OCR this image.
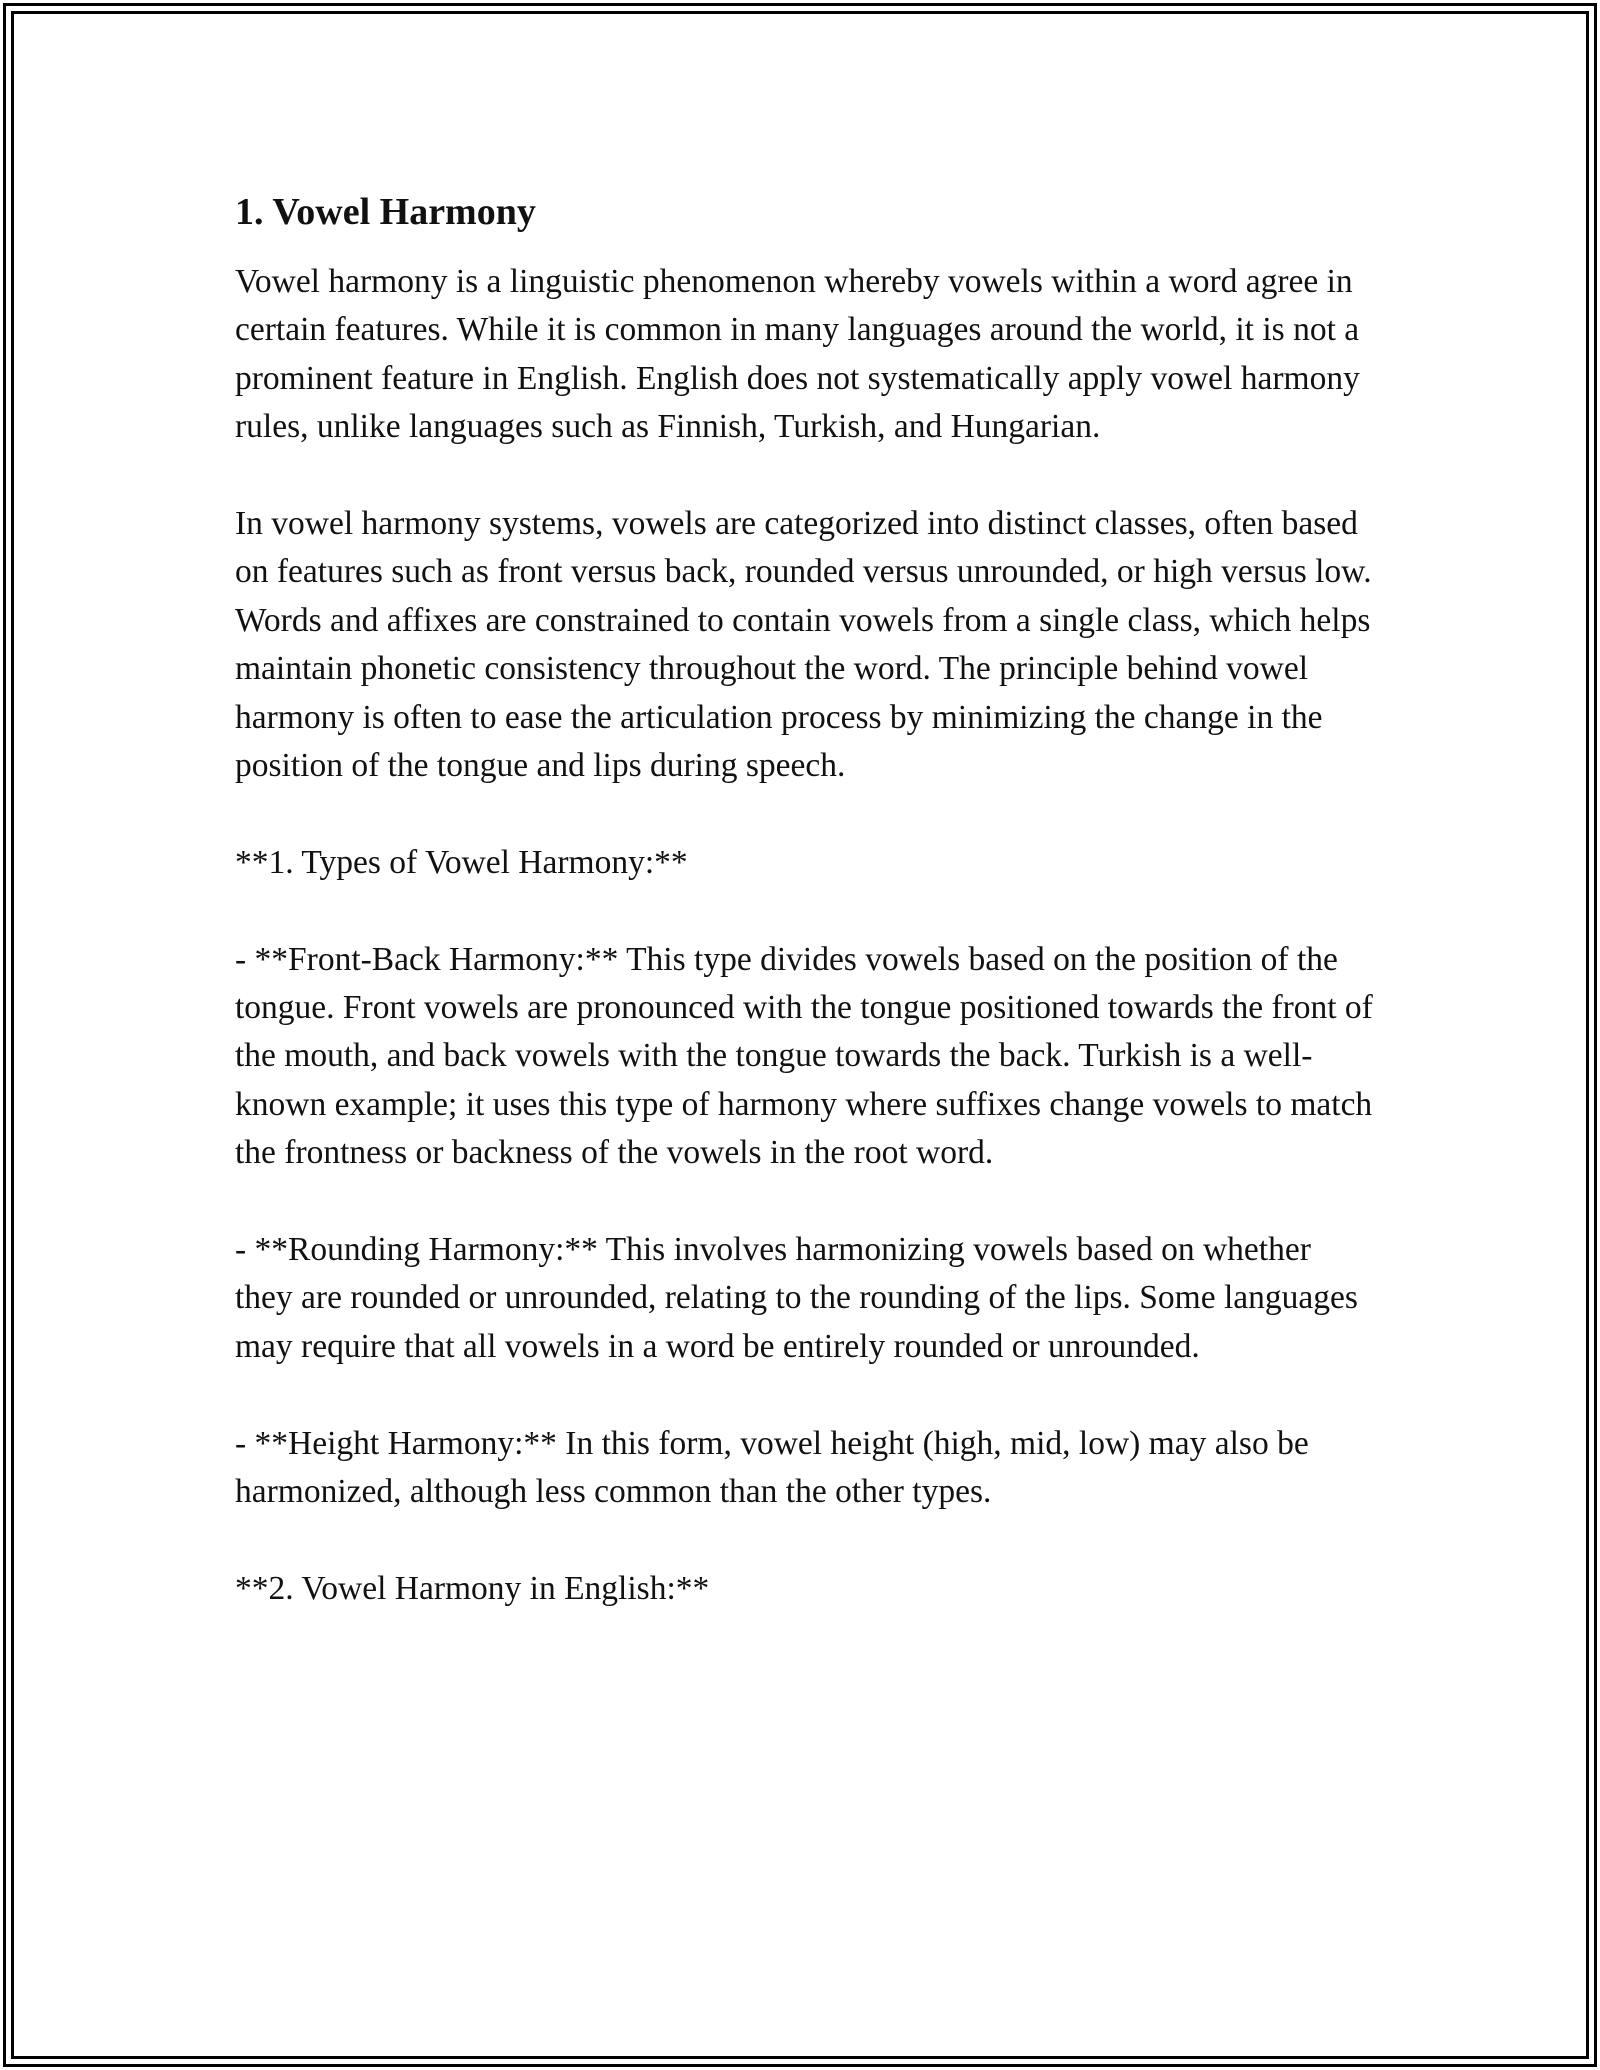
1. Vowel Harmony

Vowel harmony is a linguistic phenomenon whereby vowels within a word agree in certain features. While it is common in many languages around the world, it is not a prominent feature in English. English does not systematically apply vowel harmony rules, unlike languages such as Finnish, Turkish, and Hungarian.

In vowel harmony systems, vowels are categorized into distinct classes, often based on features such as front versus back, rounded versus unrounded, or high versus low. Words and affixes are constrained to contain vowels from a single class, which helps maintain phonetic consistency throughout the word. The principle behind vowel harmony is often to ease the articulation process by minimizing the change in the position of the tongue and lips during speech.

**1. Types of Vowel Harmony:**

- **Front-Back Harmony:** This type divides vowels based on the position of the tongue. Front vowels are pronounced with the tongue positioned towards the front of the mouth, and back vowels with the tongue towards the back. Turkish is a well-known example; it uses this type of harmony where suffixes change vowels to match the frontness or backness of the vowels in the root word.

- **Rounding Harmony:** This involves harmonizing vowels based on whether they are rounded or unrounded, relating to the rounding of the lips. Some languages may require that all vowels in a word be entirely rounded or unrounded.

- **Height Harmony:** In this form, vowel height (high, mid, low) may also be harmonized, although less common than the other types.

**2. Vowel Harmony in English:**
